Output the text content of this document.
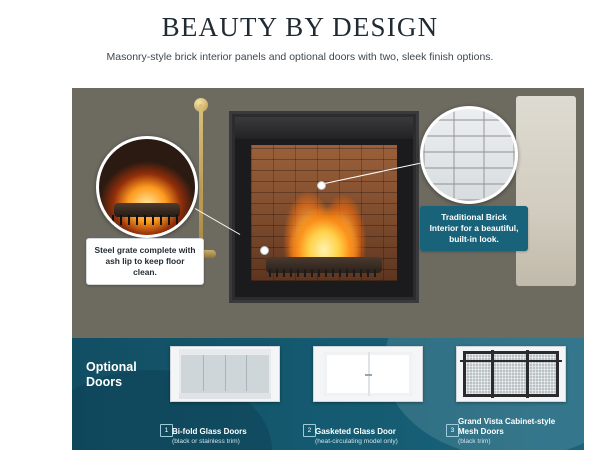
BEAUTY BY DESIGN

Masonry-style brick interior panels and optional doors with two, sleek finish options.

Steel grate complete with ash lip to keep floor clean.
Traditional Brick Interior for a beautiful, built-in look.
Optional Doors
1 Bi-fold Glass Doors
(black or stainless trim)
2 Gasketed Glass Door
(heat-circulating model only)
3
Grand Vista Cabinet-style Mesh Doors
(black trim)
